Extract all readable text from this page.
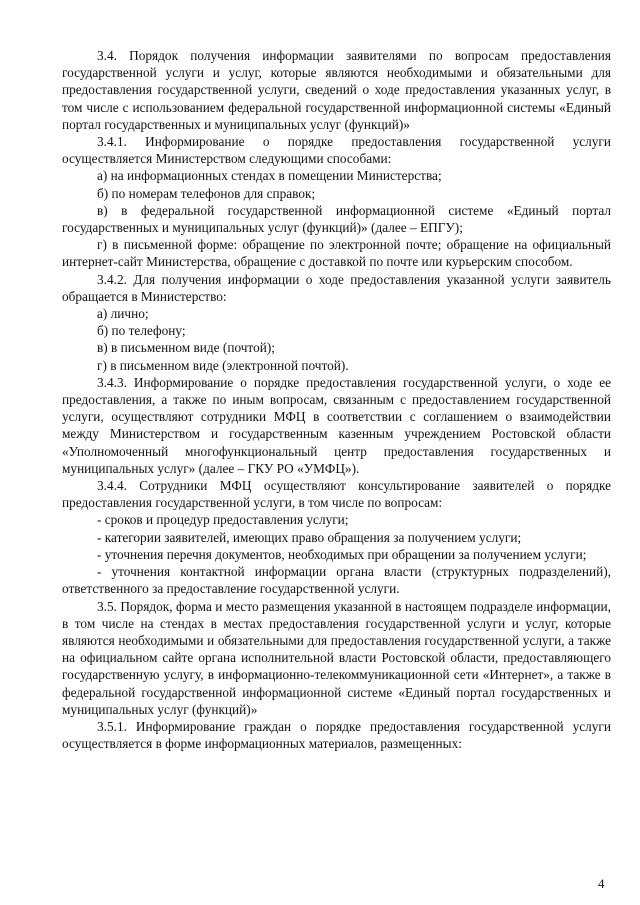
3.4. Порядок получения информации заявителями по вопросам предоставления государственной услуги и услуг, которые являются необходимыми и обязательными для предоставления государственной услуги, сведений о ходе предоставления указанных услуг, в том числе с использованием федеральной государственной информационной системы «Единый портал государственных и муниципальных услуг (функций)»

3.4.1. Информирование о порядке предоставления государственной услуги осуществляется Министерством следующими способами:

а) на информационных стендах в помещении Министерства;

б) по номерам телефонов для справок;

в) в федеральной государственной информационной системе «Единый портал государственных и муниципальных услуг (функций)» (далее – ЕПГУ);

г) в письменной форме: обращение по электронной почте; обращение на официальный интернет-сайт Министерства, обращение с доставкой по почте или курьерским способом.

3.4.2. Для получения информации о ходе предоставления указанной услуги заявитель обращается в Министерство:

а) лично;

б) по телефону;

в) в письменном виде (почтой);

г) в письменном виде (электронной почтой).

3.4.3. Информирование о порядке предоставления государственной услуги, о ходе ее предоставления, а также по иным вопросам, связанным с предоставлением государственной услуги, осуществляют сотрудники МФЦ в соответствии с соглашением о взаимодействии между Министерством и государственным казенным учреждением Ростовской области «Уполномоченный многофункциональный центр предоставления государственных и муниципальных услуг» (далее – ГКУ РО «УМФЦ»).

3.4.4. Сотрудники МФЦ осуществляют консультирование заявителей о порядке предоставления государственной услуги, в том числе по вопросам:

- сроков и процедур предоставления услуги;

- категории заявителей, имеющих право обращения за получением услуги;

- уточнения перечня документов, необходимых при обращении за получением услуги;

- уточнения контактной информации органа власти (структурных подразделений), ответственного за предоставление государственной услуги.

3.5. Порядок, форма и место размещения указанной в настоящем подразделе информации, в том числе на стендах в местах предоставления государственной услуги и услуг, которые являются необходимыми и обязательными для предоставления государственной услуги, а также на официальном сайте органа исполнительной власти Ростовской области, предоставляющего государственную услугу, в информационно-телекоммуникационной сети «Интернет», а также в федеральной государственной информационной системе «Единый портал государственных и муниципальных услуг (функций)»

3.5.1. Информирование граждан о порядке предоставления государственной услуги осуществляется в форме информационных материалов, размещенных:

4
